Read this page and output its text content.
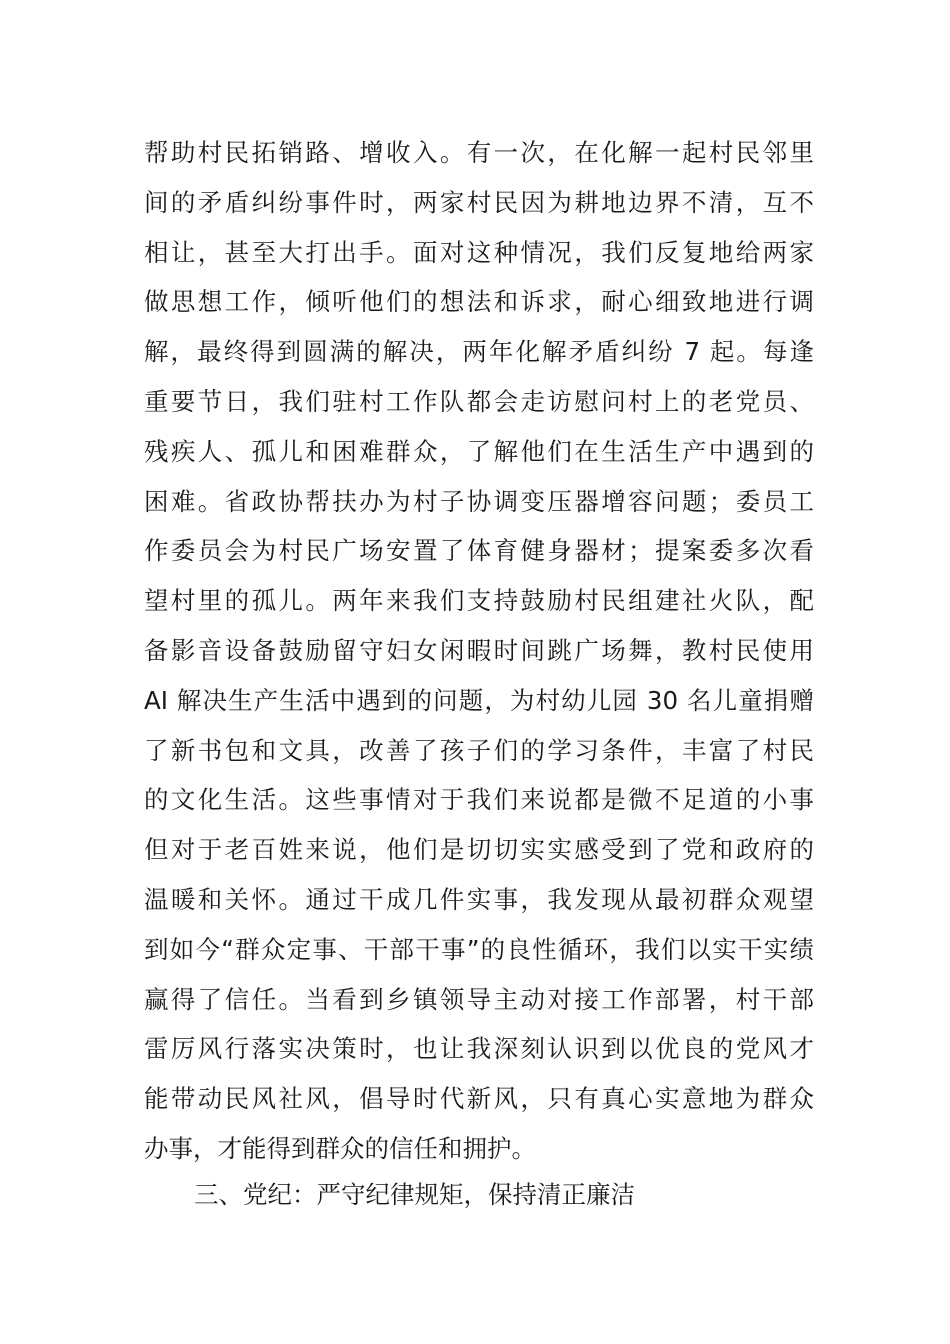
帮助村民拓销路、增收入。有一次，在化解一起村民邻里
间的矛盾纠纷事件时，两家村民因为耕地边界不清，互不
相让，甚至大打出手。面对这种情况，我们反复地给两家
做思想工作，倾听他们的想法和诉求，耐心细致地进行调
解，最终得到圆满的解决，两年化解矛盾纠纷 7 起。每逢
重要节日，我们驻村工作队都会走访慰问村上的老党员、
残疾人、孤儿和困难群众，了解他们在生活生产中遇到的
困难。省政协帮扶办为村子协调变压器增容问题；委员工
作委员会为村民广场安置了体育健身器材；提案委多次看
望村里的孤儿。两年来我们支持鼓励村民组建社火队，配
备影音设备鼓励留守妇女闲暇时间跳广场舞，教村民使用
AI 解决生产生活中遇到的问题，为村幼儿园 30 名儿童捐赠
了新书包和文具，改善了孩子们的学习条件，丰富了村民
的文化生活。这些事情对于我们来说都是微不足道的小事
但对于老百姓来说，他们是切切实实感受到了党和政府的
温暖和关怀。通过干成几件实事，我发现从最初群众观望
到如今“群众定事、干部干事”的良性循环，我们以实干实绩
赢得了信任。当看到乡镇领导主动对接工作部署，村干部
雷厉风行落实决策时，也让我深刻认识到以优良的党风才
能带动民风社风，倡导时代新风，只有真心实意地为群众
办事，才能得到群众的信任和拥护。
三、党纪：严守纪律规矩，保持清正廉洁
